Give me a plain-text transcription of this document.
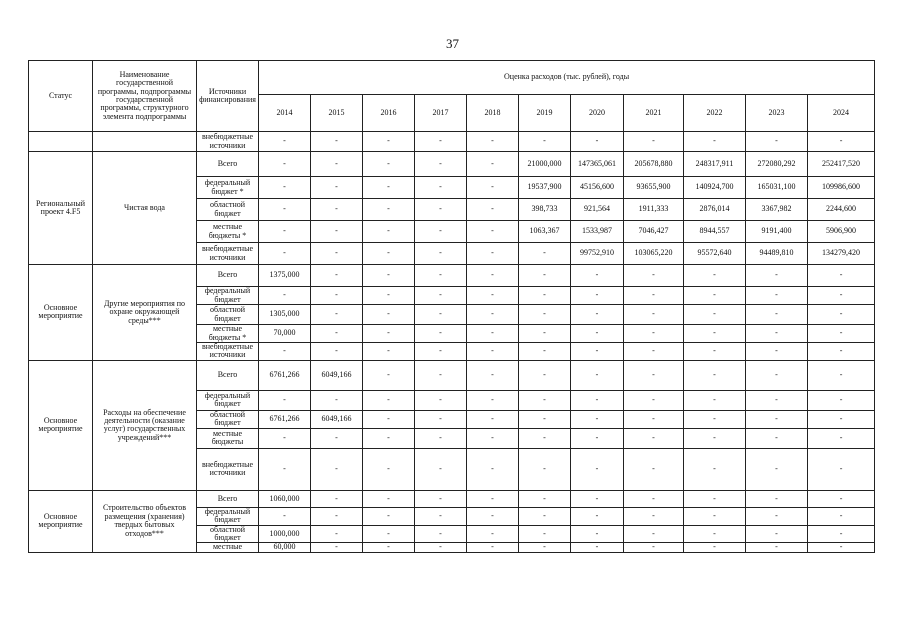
37
Статус	Наименование государственной программы, подпрограммы государственной программы, структурного элемента подпрограммы	Источники финансирования	Оценка расходов (тыс. рублей), годы										
			2014	2015	2016	2017	2018	2019	2020	2021	2022	2023	2024
		внебюджетные источники	-	-	-	-	-	-	-	-	-	-	-
Региональный проект 4.F5	Чистая вода	Всего	-	-	-	-	-	21000,000	147365,061	205678,880	248317,911	272080,292	252417,520
		федеральный бюджет *	-	-	-	-	-	19537,900	45156,600	93655,900	140924,700	165031,100	109986,600
		областной бюджет	-	-	-	-	-	398,733	921,564	1911,333	2876,014	3367,982	2244,600
		местные бюджеты *	-	-	-	-	-	1063,367	1533,987	7046,427	8944,557	9191,400	5906,900
		внебюджетные источники	-	-	-	-	-	-	99752,910	103065,220	95572,640	94489,810	134279,420
Основное мероприятие	Другие мероприятия по охране окружающей среды***	Всего	1375,000	-	-	-	-	-	-	-	-	-	-
		федеральный бюджет	-	-	-	-	-	-	-	-	-	-	-
		областной бюджет	1305,000	-	-	-	-	-	-	-	-	-	-
		местные бюджеты *	70,000	-	-	-	-	-	-	-	-	-	-
		внебюджетные источники	-	-	-	-	-	-	-	-	-	-	-
Основное мероприятие	Расходы на обеспечение деятельности (оказание услуг) государственных учреждений***	Всего	6761,266	6049,166	-	-	-	-	-	-	-	-	-
		федеральный бюджет	-	-	-	-	-	-	-	-	-	-	-
		областной бюджет	6761,266	6049,166	-	-	-	-	-	-	-	-	-
		местные бюджеты	-	-	-	-	-	-	-	-	-	-	-
		внебюджетные источники	-	-	-	-	-	-	-	-	-	-	-
Основное мероприятие	Строительство объектов размещения (хранения) твердых бытовых отходов***	Всего	1060,000	-	-	-	-	-	-	-	-	-	-
		федеральный бюджет	-	-	-	-	-	-	-	-	-	-	-
		областной бюджет	1000,000	-	-	-	-	-	-	-	-	-	-
		местные	60,000	-	-	-	-	-	-	-	-	-	-
